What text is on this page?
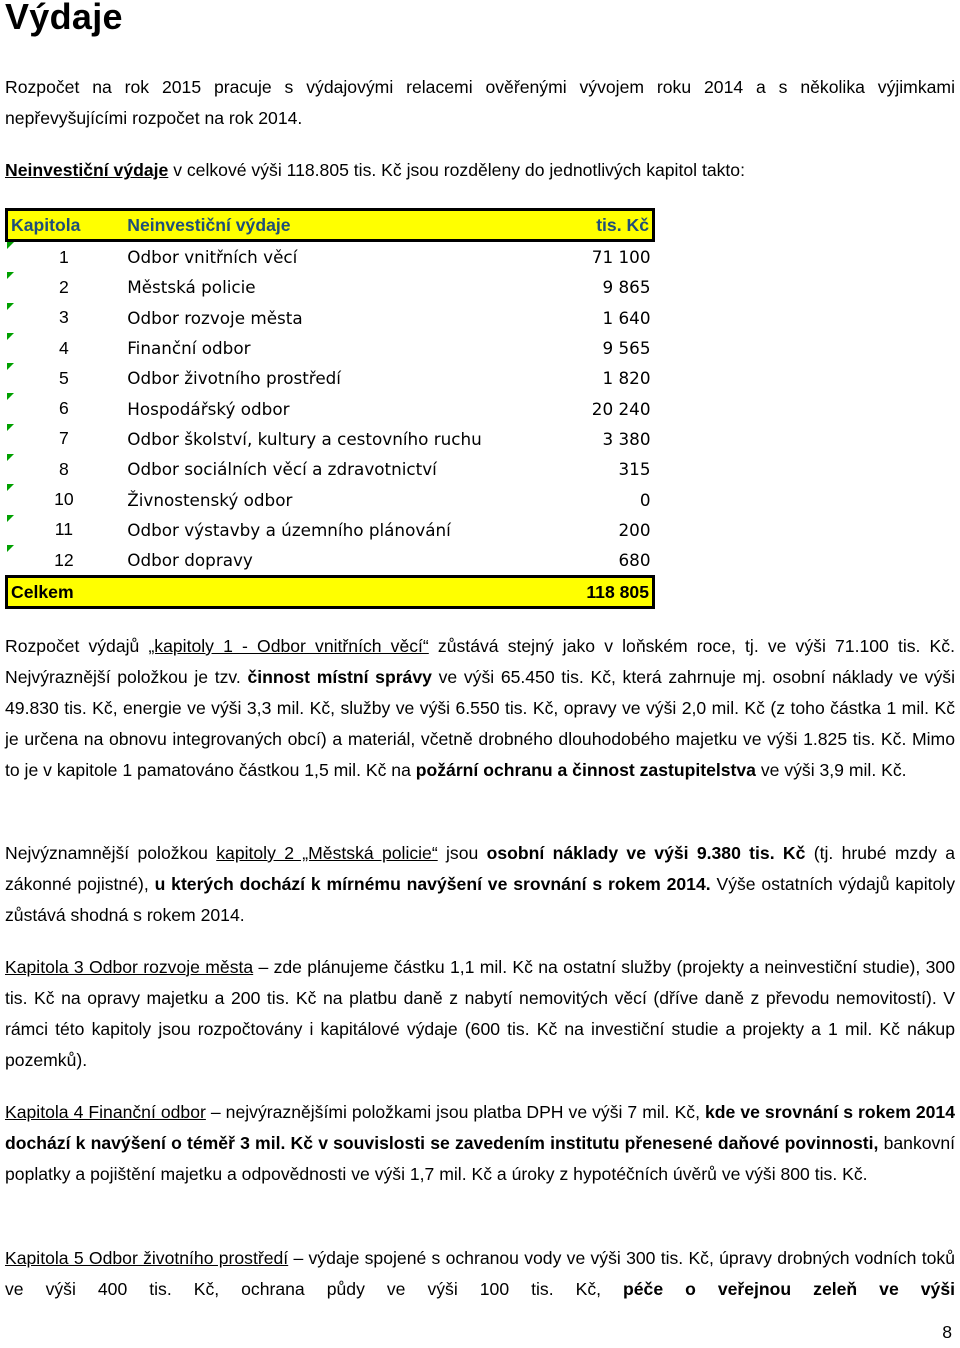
Výdaje

Rozpočet na rok 2015 pracuje s výdajovými relacemi ověřenými vývojem roku 2014 a s několika výjimkami nepřevyšujícími rozpočet na rok 2014.

Neinvestiční výdaje v celkové výši 118.805 tis. Kč jsou rozděleny do jednotlivých kapitol takto:

Kapitola	Neinvestiční výdaje	tis. Kč
1	Odbor vnitřních věcí	71 100
2	Městská policie	9 865
3	Odbor rozvoje města	1 640
4	Finanční odbor	9 565
5	Odbor životního prostředí	1 820
6	Hospodářský odbor	20 240
7	Odbor školství, kultury a cestovního ruchu	3 380
8	Odbor sociálních věcí a zdravotnictví	315
10	Živnostenský odbor	0
11	Odbor výstavby a územního plánování	200
12	Odbor dopravy	680
Celkem		118 805

Rozpočet výdajů „kapitoly 1 - Odbor vnitřních věcí“ zůstává stejný jako v loňském roce, tj. ve výši 71.100 tis. Kč. Nejvýraznější položkou je tzv. činnost místní správy ve výši 65.450 tis. Kč, která zahrnuje mj. osobní náklady ve výši 49.830 tis. Kč, energie ve výši 3,3 mil. Kč, služby ve výši 6.550 tis. Kč, opravy ve výši 2,0 mil. Kč (z toho částka 1 mil. Kč je určena na obnovu integrovaných obcí) a materiál, včetně drobného dlouhodobého majetku ve výši 1.825 tis. Kč. Mimo to je v kapitole 1 pamatováno částkou 1,5 mil. Kč na požární ochranu a činnost zastupitelstva ve výši 3,9 mil. Kč.

Nejvýznamnější položkou kapitoly 2 „Městská policie“ jsou osobní náklady ve výši 9.380 tis. Kč (tj. hrubé mzdy a zákonné pojistné), u kterých dochází k mírnému navýšení ve srovnání s rokem 2014. Výše ostatních výdajů kapitoly zůstává shodná s rokem 2014.

Kapitola 3 Odbor rozvoje města – zde plánujeme částku 1,1 mil. Kč na ostatní služby (projekty a neinvestiční studie), 300 tis. Kč na opravy majetku a 200 tis. Kč na platbu daně z nabytí nemovitých věcí (dříve daně z převodu nemovitostí). V rámci této kapitoly jsou rozpočtovány i kapitálové výdaje (600 tis. Kč na investiční studie a projekty a 1 mil. Kč nákup pozemků).

Kapitola 4 Finanční odbor – nejvýraznějšími položkami jsou platba DPH ve výši 7 mil. Kč, kde ve srovnání s rokem 2014 dochází k navýšení o téměř 3 mil. Kč v souvislosti se zavedením institutu přenesené daňové povinnosti, bankovní poplatky a pojištění majetku a odpovědnosti ve výši 1,7 mil. Kč a úroky z hypotéčních úvěrů ve výši 800 tis. Kč.

Kapitola 5 Odbor životního prostředí – výdaje spojené s ochranou vody ve výši 300 tis. Kč, úpravy drobných vodních toků ve výši 400 tis. Kč, ochrana půdy ve výši 100 tis. Kč, péče o veřejnou zeleň ve výši

8
